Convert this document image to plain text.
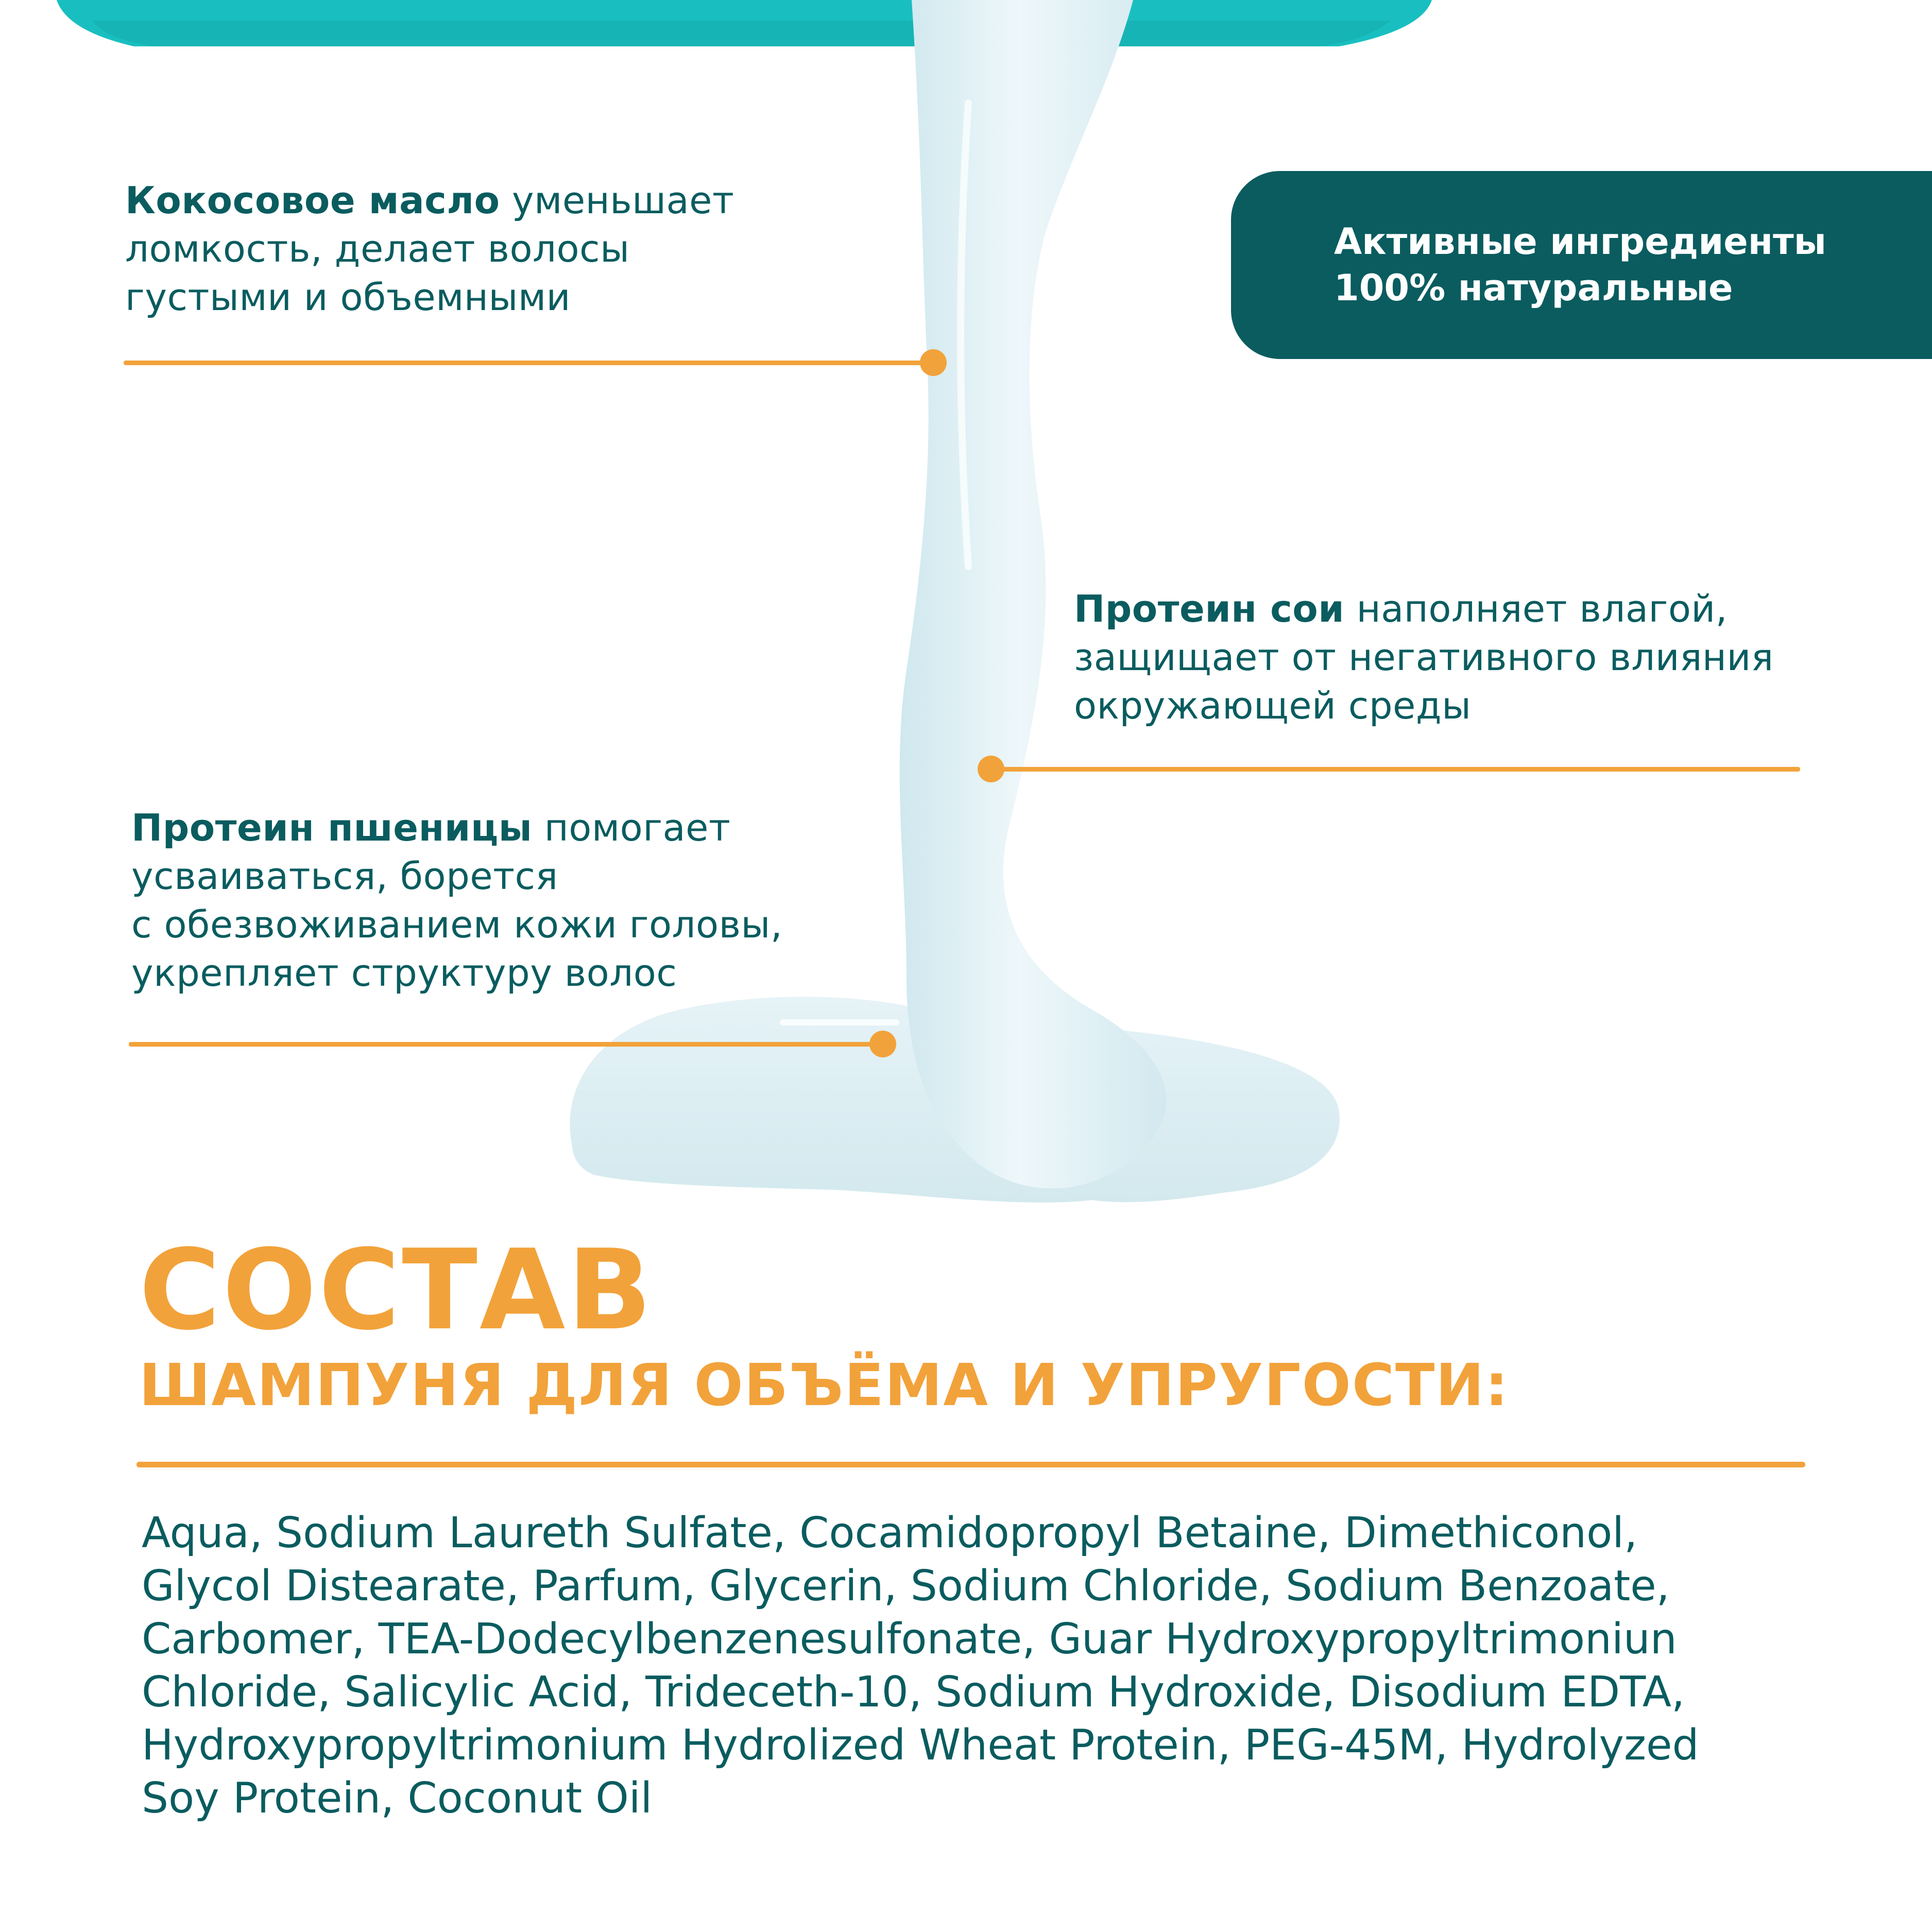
Кокосовое масло уменьшает
ломкость, делает волосы
густыми и объемными
Активные ингредиенты
100% натуральные
Протеин сои наполняет влагой,
защищает от негативного влияния
окружающей среды
Протеин пшеницы помогает
усваиваться, борется
с обезвоживанием кожи головы,
укрепляет структуру волос
СОСТАВ
ШАМПУНЯ ДЛЯ ОБЪЁМА И УПРУГОСТИ:
Aqua, Sodium Laureth Sulfate, Cocamidopropyl Betaine, Dimethiconol,
Glycol Distearate, Parfum, Glycerin, Sodium Chloride, Sodium Benzoate,
Carbomer, TEA-Dodecylbenzenesulfonate, Guar Hydroxypropyltrimoniun
Chloride, Salicylic Acid, Trideceth-10, Sodium Hydroxide, Disodium EDTA,
Hydroxypropyltrimonium Hydrolized Wheat Protein, PEG-45M, Hydrolyzed
Soy Protein, Coconut Oil
